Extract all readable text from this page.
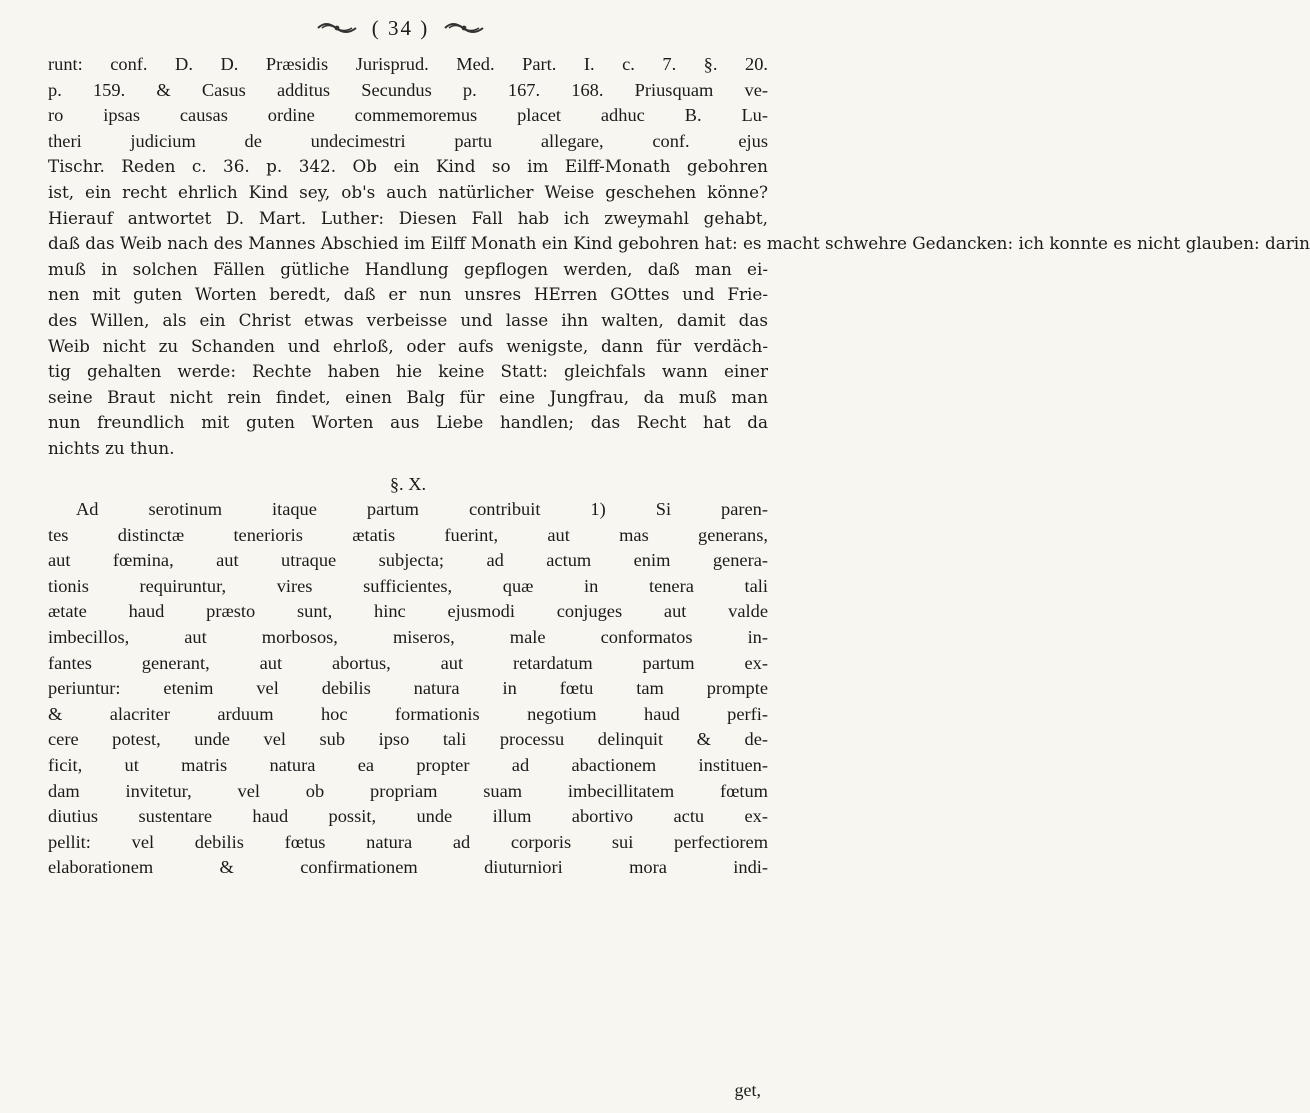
( 34 )
runt: conf. D. D. Præsidis Jurisprud. Med. Part. I. c. 7. §. 20.
p. 159. & Casus additus Secundus p. 167. 168. Priusquam ve-
ro ipsas causas ordine commemoremus placet adhuc B. Lu-
theri judicium de undecimestri partu allegare, conf. ejus
Tischr. Reden c. 36. p. 342. Ob ein Kind so im Eilff-Monath gebohren
ist, ein recht ehrlich Kind sey, ob's auch natürlicher Weise geschehen könne?
Hierauf antwortet D. Mart. Luther: Diesen Fall hab ich zweymahl gehabt,
daß das Weib nach des Mannes Abschied im Eilff Monath ein Kind gebohren hat: es macht schwehre Gedancken: ich konnte es nicht glauben: darin
muß in solchen Fällen gütliche Handlung gepflogen werden, daß man ei-
nen mit guten Worten beredt, daß er nun unsres HErren GOttes und Frie-
des Willen, als ein Christ etwas verbeisse und lasse ihn walten, damit das
Weib nicht zu Schanden und ehrloß, oder aufs wenigste, dann für verdäch-
tig gehalten werde: Rechte haben hie keine Statt: gleichfals wann einer
seine Braut nicht rein findet, einen Balg für eine Jungfrau, da muß man
nun freundlich mit guten Worten aus Liebe handlen; das Recht hat da
nichts zu thun.
§. X.
Ad serotinum itaque partum contribuit 1) Si paren-
tes distinctæ tenerioris ætatis fuerint, aut mas generans,
aut fœmina, aut utraque subjecta; ad actum enim genera-
tionis requiruntur, vires sufficientes, quæ in tenera tali
ætate haud præsto sunt, hinc ejusmodi conjuges aut valde
imbecillos, aut morbosos, miseros, male conformatos in-
fantes generant, aut abortus, aut retardatum partum ex-
periuntur: etenim vel debilis natura in fœtu tam prompte
& alacriter arduum hoc formationis negotium haud perfi-
cere potest, unde vel sub ipso tali processu delinquit & de-
ficit, ut matris natura ea propter ad abactionem instituen-
dam invitetur, vel ob propriam suam imbecillitatem fœtum
diutius sustentare haud possit, unde illum abortivo actu ex-
pellit: vel debilis fœtus natura ad corporis sui perfectiorem
elaborationem & confirmationem diuturniori mora indi-
get,
